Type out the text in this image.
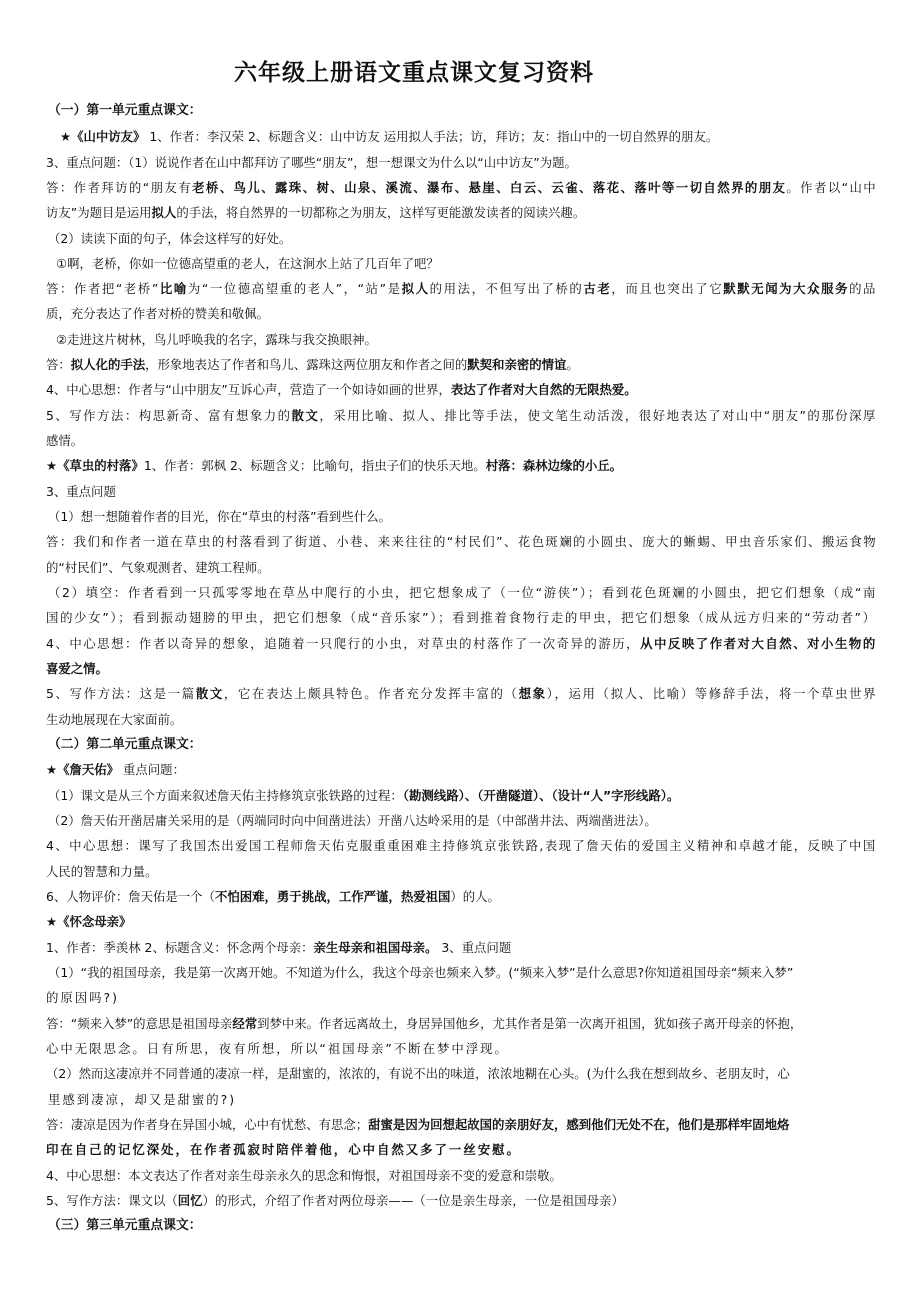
六年级上册语文重点课文复习资料

（一）第一单元重点课文：

★《山中访友》 1、作者：李汉荣 2、标题含义：山中访友 运用拟人手法；访，拜访；友：指山中的一切自然界的朋友。

3、重点问题：（1）说说作者在山中都拜访了哪些“朋友”，想一想课文为什么以“山中访友”为题。

答：作者拜访的“朋友有老桥、鸟儿、露珠、树、山泉、溪流、瀑布、悬崖、白云、云雀、落花、落叶等一切自然界的朋友。作者以“山中

访友”为题目是运用拟人的手法，将自然界的一切都称之为朋友，这样写更能激发读者的阅读兴趣。

（2）读读下面的句子，体会这样写的好处。

①啊，老桥，你如一位德高望重的老人，在这涧水上站了几百年了吧？

答：作者把“老桥”比喻为“一位德高望重的老人”，“站”是拟人的用法，不但写出了桥的古老，而且也突出了它默默无闻为大众服务的品

质，充分表达了作者对桥的赞美和敬佩。

②走进这片树林，鸟儿呼唤我的名字，露珠与我交换眼神。

答：拟人化的手法，形象地表达了作者和鸟儿、露珠这两位朋友和作者之间的默契和亲密的情谊。

4、中心思想：作者与“山中朋友”互诉心声，营造了一个如诗如画的世界，表达了作者对大自然的无限热爱。

5、写作方法：构思新奇、富有想象力的散文，采用比喻、拟人、排比等手法，使文笔生动活泼，很好地表达了对山中“朋友”的那份深厚

感情。

★《草虫的村落》1、作者：郭枫 2、标题含义：比喻句，指虫子们的快乐天地。村落：森林边缘的小丘。

3、重点问题

（1）想一想随着作者的目光，你在“草虫的村落”看到些什么。

答：我们和作者一道在草虫的村落看到了街道、小巷、来来往往的“村民们”、花色斑斓的小圆虫、庞大的蜥蜴、甲虫音乐家们、搬运食物

的“村民们”、气象观测者、建筑工程师。

（2）填空：作者看到一只孤零零地在草丛中爬行的小虫，把它想象成了（一位“游侠”）；看到花色斑斓的小圆虫，把它们想象（成“南

国的少女”）；看到振动翅膀的甲虫，把它们想象（成“音乐家”）；看到推着食物行走的甲虫，把它们想象（成从远方归来的“劳动者”）

4、中心思想：作者以奇异的想象，追随着一只爬行的小虫，对草虫的村落作了一次奇异的游历，从中反映了作者对大自然、对小生物的

喜爱之情。

5、写作方法：这是一篇散文，它在表达上颇具特色。作者充分发挥丰富的（想象），运用（拟人、比喻）等修辞手法，将一个草虫世界

生动地展现在大家面前。

（二）第二单元重点课文：

★《詹天佑》 重点问题：

（1）课文是从三个方面来叙述詹天佑主持修筑京张铁路的过程：（勘测线路）、（开凿隧道）、（设计“人”字形线路）。

（2）詹天佑开凿居庸关采用的是（两端同时向中间凿进法）开凿八达岭采用的是（中部凿井法、两端凿进法）。

4、中心思想：课写了我国杰出爱国工程师詹天佑克服重重困难主持修筑京张铁路,表现了詹天佑的爱国主义精神和卓越才能，反映了中国

人民的智慧和力量。

6、人物评价：詹天佑是一个（不怕困难，勇于挑战，工作严谨，热爱祖国）的人。

★《怀念母亲》

1、作者：季羡林 2、标题含义：怀念两个母亲：亲生母亲和祖国母亲。 3、重点问题

（1）“我的祖国母亲，我是第一次离开她。不知道为什么，我这个母亲也频来入梦。(“频来入梦”是什么意思?你知道祖国母亲“频来入梦”

的原因吗?)

答：“频来入梦”的意思是祖国母亲经常到梦中来。作者远离故土，身居异国他乡，尤其作者是第一次离开祖国，犹如孩子离开母亲的怀抱，

心中无限思念。日有所思，夜有所想，所以“祖国母亲”不断在梦中浮现。

（2）然而这凄凉并不同普通的凄凉一样，是甜蜜的，浓浓的，有说不出的味道，浓浓地糊在心头。(为什么我在想到故乡、老朋友时，心

里感到凄凉，却又是甜蜜的?)

答：凄凉是因为作者身在异国小城，心中有忧愁、有思念；甜蜜是因为回想起故国的亲朋好友，感到他们无处不在，他们是那样牢固地烙

印在自己的记忆深处，在作者孤寂时陪伴着他，心中自然又多了一丝安慰。

4、中心思想：本文表达了作者对亲生母亲永久的思念和悔恨，对祖国母亲不变的爱意和崇敬。

5、写作方法：课文以（回忆）的形式，介绍了作者对两位母亲——（一位是亲生母亲，一位是祖国母亲）

（三）第三单元重点课文：
